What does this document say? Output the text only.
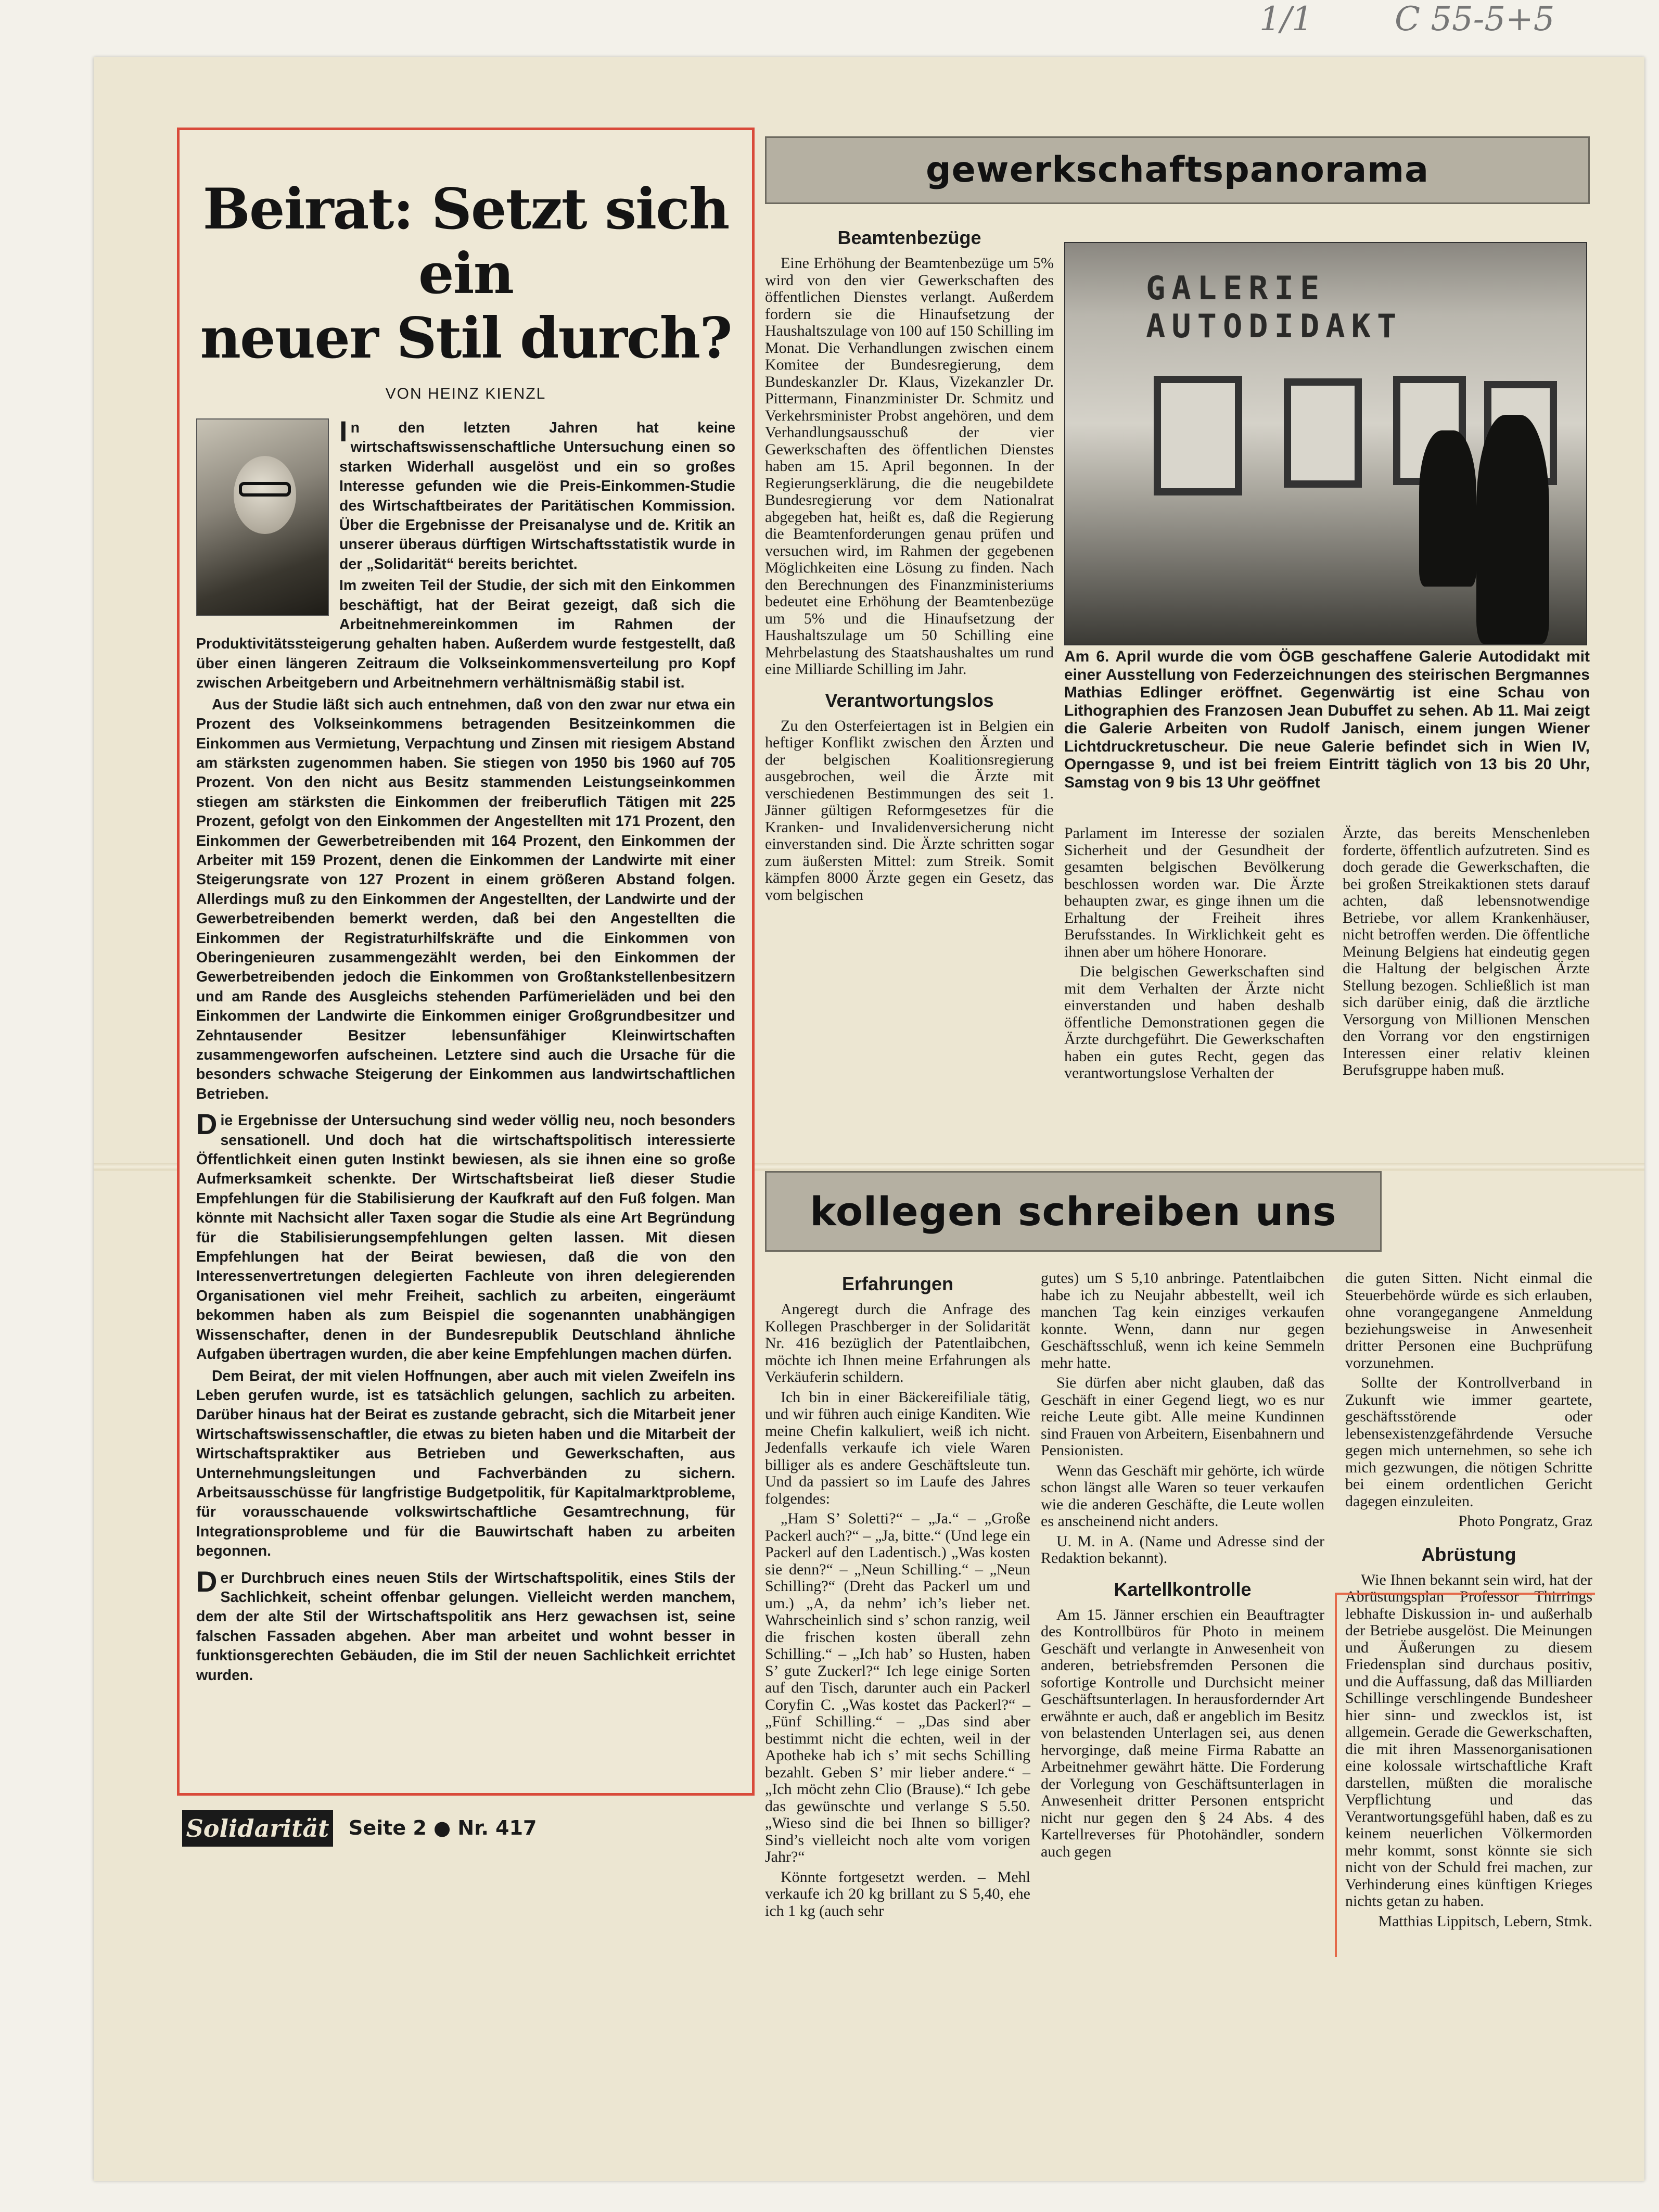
1/1 C 55-5+5
Beirat: Setzt sich ein
neuer Stil durch?
VON HEINZ KIENZL

In den letzten Jahren hat keine wirtschaftswissenschaftliche Untersuchung einen so starken Widerhall ausgelöst und ein so großes Interesse gefunden wie die Preis-Einkommen-Studie des Wirtschaftbeirates der Paritätischen Kommission. Über die Ergebnisse der Preisanalyse und de. Kritik an unserer überaus dürftigen Wirtschaftsstatistik wurde in der „Solidarität“ bereits berichtet.

Im zweiten Teil der Studie, der sich mit den Einkommen beschäftigt, hat der Beirat gezeigt, daß sich die Arbeitnehmereinkommen im Rahmen der Produktivitätssteigerung gehalten haben. Außerdem wurde festgestellt, daß über einen längeren Zeitraum die Volkseinkommensverteilung pro Kopf zwischen Arbeitgebern und Arbeitnehmern verhältnismäßig stabil ist.

Aus der Studie läßt sich auch entnehmen, daß von den zwar nur etwa ein Prozent des Volkseinkommens betragenden Besitzeinkommen die Einkommen aus Vermietung, Verpachtung und Zinsen mit riesigem Abstand am stärksten zugenommen haben. Sie stiegen von 1950 bis 1960 auf 705 Prozent. Von den nicht aus Besitz stammenden Leistungseinkommen stiegen am stärksten die Einkommen der freiberuflich Tätigen mit 225 Prozent, gefolgt von den Einkommen der Angestellten mit 171 Prozent, den Einkommen der Gewerbetreibenden mit 164 Prozent, den Einkommen der Arbeiter mit 159 Prozent, denen die Einkommen der Landwirte mit einer Steigerungsrate von 127 Prozent in einem größeren Abstand folgen. Allerdings muß zu den Einkommen der Angestellten, der Landwirte und der Gewerbetreibenden bemerkt werden, daß bei den Angestellten die Einkommen der Registraturhilfskräfte und die Einkommen von Oberingenieuren zusammengezählt werden, bei den Einkommen der Gewerbetreibenden jedoch die Einkommen von Großtankstellenbesitzern und am Rande des Ausgleichs stehenden Parfümerieläden und bei den Einkommen der Landwirte die Einkommen einiger Großgrundbesitzer und Zehntausender Besitzer lebensunfähiger Kleinwirtschaften zusammengeworfen aufscheinen. Letztere sind auch die Ursache für die besonders schwache Steigerung der Einkommen aus landwirtschaftlichen Betrieben.

Die Ergebnisse der Untersuchung sind weder völlig neu, noch besonders sensationell. Und doch hat die wirtschaftspolitisch interessierte Öffentlichkeit einen guten Instinkt bewiesen, als sie ihnen eine so große Aufmerksamkeit schenkte. Der Wirtschaftsbeirat ließ dieser Studie Empfehlungen für die Stabilisierung der Kaufkraft auf den Fuß folgen. Man könnte mit Nachsicht aller Taxen sogar die Studie als eine Art Begründung für die Stabilisierungsempfehlungen gelten lassen. Mit diesen Empfehlungen hat der Beirat bewiesen, daß die von den Interessenvertretungen delegierten Fachleute von ihren delegierenden Organisationen viel mehr Freiheit, sachlich zu arbeiten, eingeräumt bekommen haben als zum Beispiel die sogenannten unabhängigen Wissenschafter, denen in der Bundesrepublik Deutschland ähnliche Aufgaben übertragen wurden, die aber keine Empfehlungen machen dürfen.

Dem Beirat, der mit vielen Hoffnungen, aber auch mit vielen Zweifeln ins Leben gerufen wurde, ist es tatsächlich gelungen, sachlich zu arbeiten. Darüber hinaus hat der Beirat es zustande gebracht, sich die Mitarbeit jener Wirtschaftswissenschaftler, die etwas zu bieten haben und die Mitarbeit der Wirtschaftspraktiker aus Betrieben und Gewerkschaften, aus Unternehmungsleitungen und Fachverbänden zu sichern. Arbeitsausschüsse für langfristige Budgetpolitik, für Kapitalmarktprobleme, für vorausschauende volkswirtschaftliche Gesamtrechnung, für Integrationsprobleme und für die Bauwirtschaft haben zu arbeiten begonnen.

Der Durchbruch eines neuen Stils der Wirtschaftspolitik, eines Stils der Sachlichkeit, scheint offenbar gelungen. Vielleicht werden manchem, dem der alte Stil der Wirtschaftspolitik ans Herz gewachsen ist, seine falschen Fassaden abgehen. Aber man arbeitet und wohnt besser in funktionsgerechten Gebäuden, die im Stil der neuen Sachlichkeit errichtet wurden.

Solidarität Seite 2 ● Nr. 417
gewerkschaftspanorama
Beamtenbezüge

Eine Erhöhung der Beamtenbezüge um 5% wird von den vier Gewerkschaften des öffentlichen Dienstes verlangt. Außerdem fordern sie die Hinaufsetzung der Haushaltszulage von 100 auf 150 Schilling im Monat. Die Verhandlungen zwischen einem Komitee der Bundesregierung, dem Bundeskanzler Dr. Klaus, Vizekanzler Dr. Pittermann, Finanzminister Dr. Schmitz und Verkehrsminister Probst angehören, und dem Verhandlungsausschuß der vier Gewerkschaften des öffentlichen Dienstes haben am 15. April begonnen. In der Regierungserklärung, die die neugebildete Bundesregierung vor dem Nationalrat abgegeben hat, heißt es, daß die Regierung die Beamtenforderungen genau prüfen und versuchen wird, im Rahmen der gegebenen Möglichkeiten eine Lösung zu finden. Nach den Berechnungen des Finanzministeriums bedeutet eine Erhöhung der Beamtenbezüge um 5% und die Hinaufsetzung der Haushaltszulage um 50 Schilling eine Mehrbelastung des Staatshaushaltes um rund eine Milliarde Schilling im Jahr.

Verantwortungslos

Zu den Osterfeiertagen ist in Belgien ein heftiger Konflikt zwischen den Ärzten und der belgischen Koalitionsregierung ausgebrochen, weil die Ärzte mit verschiedenen Bestimmungen des seit 1. Jänner gültigen Reformgesetzes für die Kranken- und Invalidenversicherung nicht einverstanden sind. Die Ärzte schritten sogar zum äußersten Mittel: zum Streik. Somit kämpfen 8000 Ärzte gegen ein Gesetz, das vom belgischen

GALERIE AUTODIDAKT
Am 6. April wurde die vom ÖGB geschaffene Galerie Autodidakt mit einer Ausstellung von Federzeichnungen des steirischen Bergmannes Mathias Edlinger eröffnet. Gegenwärtig ist eine Schau von Lithographien des Franzosen Jean Dubuffet zu sehen. Ab 11. Mai zeigt die Galerie Arbeiten von Rudolf Janisch, einem jungen Wiener Lichtdruckretuscheur. Die neue Galerie befindet sich in Wien IV, Operngasse 9, und ist bei freiem Eintritt täglich von 13 bis 20 Uhr, Samstag von 9 bis 13 Uhr geöffnet

Parlament im Interesse der sozialen Sicherheit und der Gesundheit der gesamten belgischen Bevölkerung beschlossen worden war. Die Ärzte behaupten zwar, es ginge ihnen um die Erhaltung der Freiheit ihres Berufsstandes. In Wirklichkeit geht es ihnen aber um höhere Honorare.

Die belgischen Gewerkschaften sind mit dem Verhalten der Ärzte nicht einverstanden und haben deshalb öffentliche Demonstrationen gegen die Ärzte durchgeführt. Die Gewerkschaften haben ein gutes Recht, gegen das verantwortungslose Verhalten der

Ärzte, das bereits Menschenleben forderte, öffentlich aufzutreten. Sind es doch gerade die Gewerkschaften, die bei großen Streikaktionen stets darauf achten, daß lebensnotwendige Betriebe, vor allem Krankenhäuser, nicht betroffen werden. Die öffentliche Meinung Belgiens hat eindeutig gegen die Haltung der belgischen Ärzte Stellung bezogen. Schließlich ist man sich darüber einig, daß die ärztliche Versorgung von Millionen Menschen den Vorrang vor den engstirnigen Interessen einer relativ kleinen Berufsgruppe haben muß.

kollegen schreiben uns
Erfahrungen

Angeregt durch die Anfrage des Kollegen Praschberger in der Solidarität Nr. 416 bezüglich der Patentlaibchen, möchte ich Ihnen meine Erfahrungen als Verkäuferin schildern.

Ich bin in einer Bäckereifiliale tätig, und wir führen auch einige Kanditen. Wie meine Chefin kalkuliert, weiß ich nicht. Jedenfalls verkaufe ich viele Waren billiger als es andere Geschäftsleute tun. Und da passiert so im Laufe des Jahres folgendes:

„Ham S’ Soletti?“ – „Ja.“ – „Große Packerl auch?“ – „Ja, bitte.“ (Und lege ein Packerl auf den Ladentisch.) „Was kosten sie denn?“ – „Neun Schilling.“ – „Neun Schilling?“ (Dreht das Packerl um und um.) „A, da nehm’ ich’s lieber net. Wahrscheinlich sind s’ schon ranzig, weil die frischen kosten überall zehn Schilling.“ – „Ich hab’ so Husten, haben S’ gute Zuckerl?“ Ich lege einige Sorten auf den Tisch, darunter auch ein Packerl Coryfin C. „Was kostet das Packerl?“ – „Fünf Schilling.“ – „Das sind aber bestimmt nicht die echten, weil in der Apotheke hab ich s’ mit sechs Schilling bezahlt. Geben S’ mir lieber andere.“ – „Ich möcht zehn Clio (Brause).“ Ich gebe das gewünschte und verlange S 5.50. „Wieso sind die bei Ihnen so billiger? Sind’s vielleicht noch alte vom vorigen Jahr?“

Könnte fortgesetzt werden. – Mehl verkaufe ich 20 kg brillant zu S 5,40, ehe ich 1 kg (auch sehr

gutes) um S 5,10 anbringe. Patentlaibchen habe ich zu Neujahr abbestellt, weil ich manchen Tag kein einziges verkaufen konnte. Wenn, dann nur gegen Geschäftsschluß, wenn ich keine Semmeln mehr hatte.

Sie dürfen aber nicht glauben, daß das Geschäft in einer Gegend liegt, wo es nur reiche Leute gibt. Alle meine Kundinnen sind Frauen von Arbeitern, Eisenbahnern und Pensionisten.

Wenn das Geschäft mir gehörte, ich würde schon längst alle Waren so teuer verkaufen wie die anderen Geschäfte, die Leute wollen es anscheinend nicht anders.

U. M. in A. (Name und Adresse sind der Redaktion bekannt).

Kartellkontrolle

Am 15. Jänner erschien ein Beauftragter des Kontrollbüros für Photo in meinem Geschäft und verlangte in Anwesenheit von anderen, betriebsfremden Personen die sofortige Kontrolle und Durchsicht meiner Geschäftsunterlagen. In herausfordernder Art erwähnte er auch, daß er angeblich im Besitz von belastenden Unterlagen sei, aus denen hervorginge, daß meine Firma Rabatte an Arbeitnehmer gewährt hätte. Die Forderung der Vorlegung von Geschäftsunterlagen in Anwesenheit dritter Personen entspricht nicht nur gegen den § 24 Abs. 4 des Kartellreverses für Photohändler, sondern auch gegen

die guten Sitten. Nicht einmal die Steuerbehörde würde es sich erlauben, ohne vorangegangene Anmeldung beziehungsweise in Anwesenheit dritter Personen eine Buchprüfung vorzunehmen.

Sollte der Kontrollverband in Zukunft wie immer geartete, geschäftsstörende oder lebensexistenzgefährdende Versuche gegen mich unternehmen, so sehe ich mich gezwungen, die nötigen Schritte bei einem ordentlichen Gericht dagegen einzuleiten.

Photo Pongratz, Graz

Abrüstung

Wie Ihnen bekannt sein wird, hat der Abrüstungsplan Professor Thirrings lebhafte Diskussion in- und außerhalb der Betriebe ausgelöst. Die Meinungen und Äußerungen zu diesem Friedensplan sind durchaus positiv, und die Auffassung, daß das Milliarden Schillinge verschlingende Bundesheer hier sinn- und zwecklos ist, ist allgemein. Gerade die Gewerkschaften, die mit ihren Massenorganisationen eine kolossale wirtschaftliche Kraft darstellen, müßten die moralische Verpflichtung und das Verantwortungsgefühl haben, daß es zu keinem neuerlichen Völkermorden mehr kommt, sonst könnte sie sich nicht von der Schuld frei machen, zur Verhinderung eines künftigen Krieges nichts getan zu haben.

Matthias Lippitsch, Lebern, Stmk.
